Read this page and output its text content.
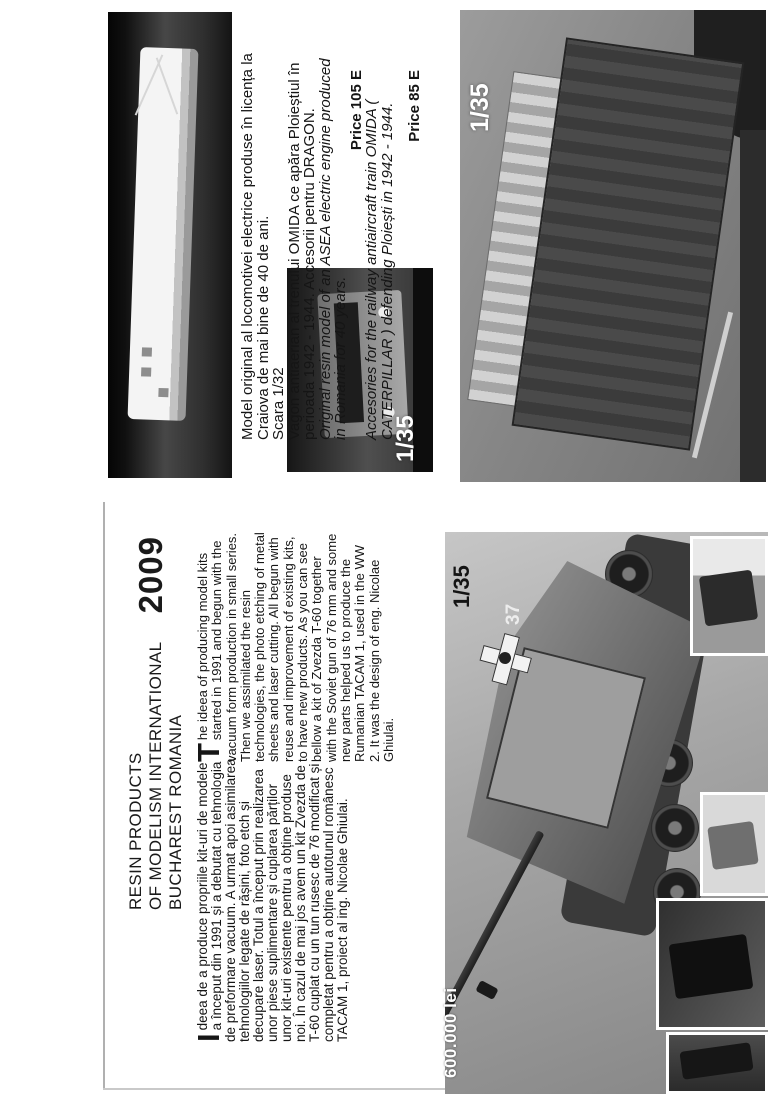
Model original al locomotivei electrice produse în licența la Craiova de mai bine de 40 de ani.

Scara 1/32

Vagon antiaerian al trenului OMIDA ce apăra Ploieștiul în perioada 1942 - 1944. Accesorii pentru DRAGON.

Original resin model of an ASEA electric engine produced in Romania for 40 years.

Price 105 E

Accesories for the railway antiaircraft train OMIDA ( CATERPILLAR ) defending Ploiești in 1942 - 1944. Price 85 E

1/35
1/35
RESIN PRODUCTS OF MODELISM INTERNATIONAL BUCHAREST ROMANIA
2009

I
deea de a produce propriile kit-uri de modele a început din 1991 și a debutat cu tehnologia de preformare vacuum. A urmat apoi asimilarea tehnologiilor legate de rășini, foto etch și decupare laser. Totul a început prin realizarea unor piese suplimentare și cuplarea părților unor kit-uri existente pentru a obține produse noi. În cazul de mai jos avem un kit Zvezda de T-60 cuplat cu un tun rusesc de 76 modificat și completat pentru a obține autotunul românesc TACAM 1, proiect al ing. Nicolae Ghiulai.

T
he ideea of producing model kits started in 1991 and begun with the vacuum form production in small series. Then we assimilated the resin technologies, the photo etching of metal sheets and laser cutting. All begun with reuse and improvement of existing kits, to have new products. As you can see bellow a kit of Zvezda T-60 together with the Soviet gun of 76 mm and some new parts helped us to produce the Rumanian TACAM 1, used in the WW 2. It was the design of eng. Nicolae Ghiulai.

37
1/35
600.000 lei
